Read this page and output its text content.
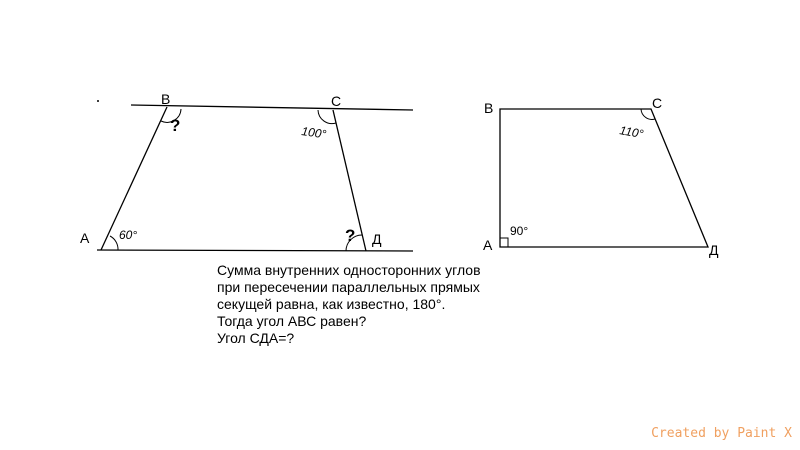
А
В	С
Д
60°
?	100°
?	А
В	С
Д
90°
110°
Сумма внутренних односторонних углов
при пересечении параллельных прямых
секущей равна, как известно, 180°.
Тогда угол АВС равен?
Угол СДА=?
Created by Paint X
